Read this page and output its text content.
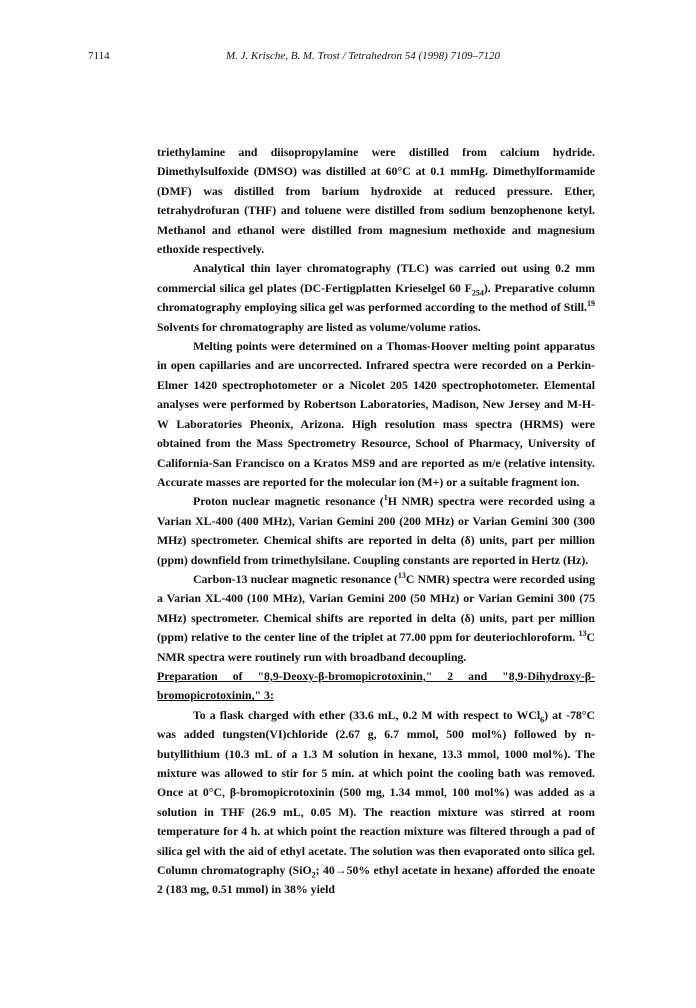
7114	M. J. Krische, B. M. Trost / Tetrahedron 54 (1998) 7109–7120

triethylamine and diisopropylamine were distilled from calcium hydride. Dimethylsulfoxide (DMSO) was distilled at 60°C at 0.1 mmHg. Dimethylformamide (DMF) was distilled from barium hydroxide at reduced pressure. Ether, tetrahydrofuran (THF) and toluene were distilled from sodium benzophenone ketyl. Methanol and ethanol were distilled from magnesium methoxide and magnesium ethoxide respectively.

Analytical thin layer chromatography (TLC) was carried out using 0.2 mm commercial silica gel plates (DC-Fertigplatten Krieselgel 60 $F_{254}$). Preparative column chromatography employing silica gel was performed according to the method of Still.$^{19}$ Solvents for chromatography are listed as volume/volume ratios.

Melting points were determined on a Thomas-Hoover melting point apparatus in open capillaries and are uncorrected. Infrared spectra were recorded on a Perkin-Elmer 1420 spectrophotometer or a Nicolet 205 1420 spectrophotometer. Elemental analyses were performed by Robertson Laboratories, Madison, New Jersey and M-H-W Laboratories Pheonix, Arizona. High resolution mass spectra (HRMS) were obtained from the Mass Spectrometry Resource, School of Pharmacy, University of California-San Francisco on a Kratos MS9 and are reported as m/e (relative intensity. Accurate masses are reported for the molecular ion (M+) or a suitable fragment ion.

Proton nuclear magnetic resonance ($^1$H NMR) spectra were recorded using a Varian XL-400 (400 MHz), Varian Gemini 200 (200 MHz) or Varian Gemini 300 (300 MHz) spectrometer. Chemical shifts are reported in delta (δ) units, part per million (ppm) downfield from trimethylsilane. Coupling constants are reported in Hertz (Hz).

Carbon-13 nuclear magnetic resonance ($^{13}$C NMR) spectra were recorded using a Varian XL-400 (100 MHz), Varian Gemini 200 (50 MHz) or Varian Gemini 300 (75 MHz) spectrometer. Chemical shifts are reported in delta (δ) units, part per million (ppm) relative to the center line of the triplet at 77.00 ppm for deuteriochloroform. $^{13}$C NMR spectra were routinely run with broadband decoupling.

Preparation of "8,9-Deoxy-β-bromopicrotoxinin," 2 and "8,9-Dihydroxy-β-bromopicrotoxinin," 3:

To a flask charged with ether (33.6 mL, 0.2 M with respect to WCl$_6$) at -78°C was added tungsten(VI)chloride (2.67 g, 6.7 mmol, 500 mol%) followed by n-butyllithium (10.3 mL of a 1.3 M solution in hexane, 13.3 mmol, 1000 mol%). The mixture was allowed to stir for 5 min. at which point the cooling bath was removed. Once at 0°C, β-bromopicrotoxinin (500 mg, 1.34 mmol, 100 mol%) was added as a solution in THF (26.9 mL, 0.05 M). The reaction mixture was stirred at room temperature for 4 h. at which point the reaction mixture was filtered through a pad of silica gel with the aid of ethyl acetate. The solution was then evaporated onto silica gel. Column chromatography (SiO$_2$; 40→50% ethyl acetate in hexane) afforded the enoate 2 (183 mg, 0.51 mmol) in 38% yield
